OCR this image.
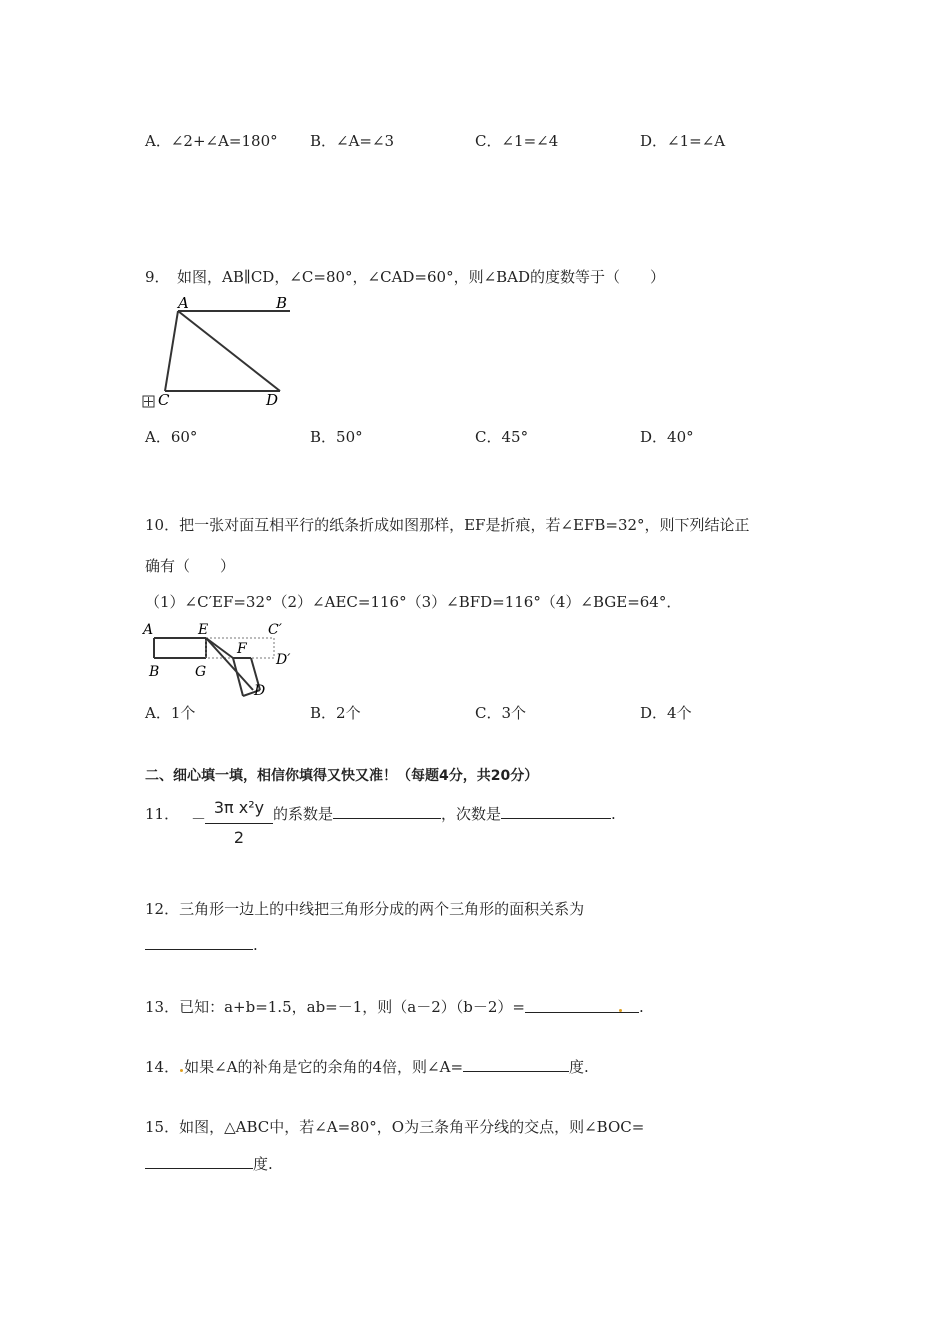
A．∠2+∠A=180° B．∠A=∠3	C．∠1=∠4	D．∠1=∠A
9．　如图，AB∥CD，∠C=80°，∠CAD=60°，则∠BAD的度数等于（　　）
A	B
C	D
A．60°	B．50°	C．45°	D．40°
10．把一张对面互相平行的纸条折成如图那样，EF是折痕，若∠EFB=32°，则下列结论正
确有（　　）
（1）∠C′EF=32°（2）∠AEC=116°（3）∠BFD=116°（4）∠BGE=64°．
A	E	C′
B	G
F
D′
D
A．1个	B．2个	C．3个	D．4个
二、细心填一填，相信你填得又快又准！（每题4分，共20分）
11． －
3π x²y
2
的系数是	，次数是	.
12．三角形一边上的中线把三角形分成的两个三角形的面积关系为
.
13．已知：a+b=1.5，ab=－1，则（a－2）（b－2）=	.
14． 如果∠A的补角是它的余角的4倍，则∠A=	度.
15．如图，△ABC中，若∠A=80°，O为三条角平分线的交点，则∠BOC=
度.
